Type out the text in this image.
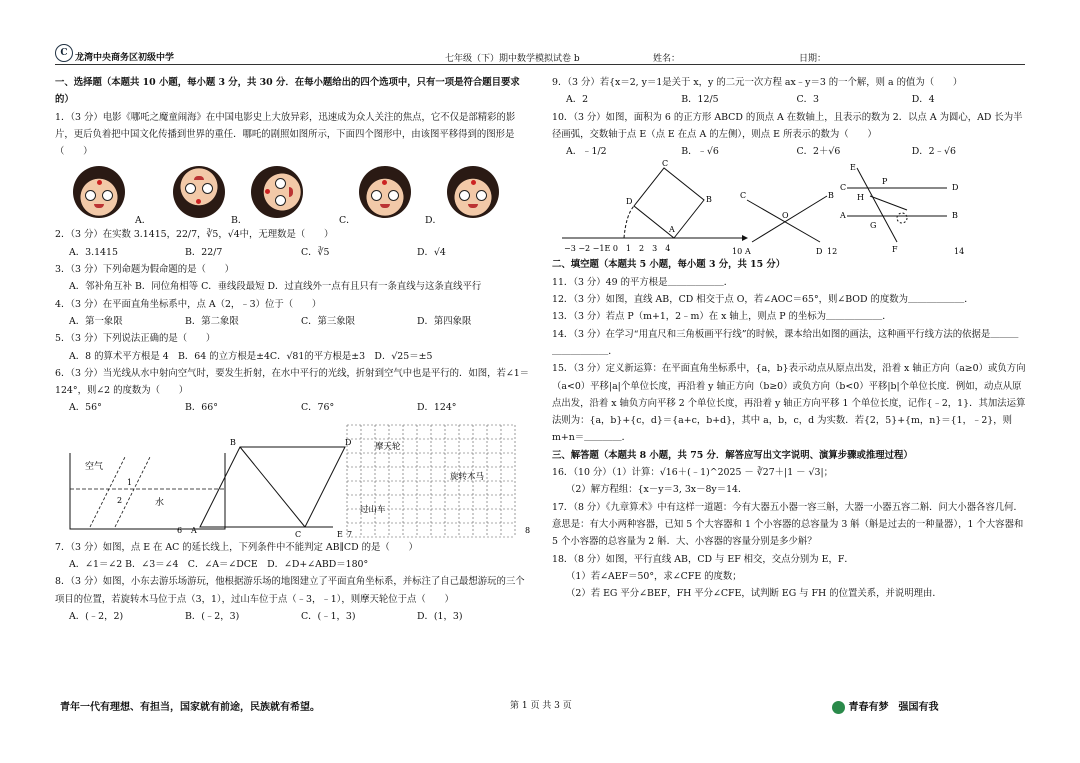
C 龙湾中央商务区初级中学	七年级（下）期中数学模拟试卷 b	姓名：	日期：

一、选择题（本题共 10 小题，每小题 3 分，共 30 分．在每小题给出的四个选项中，只有一项是符合题目要求的）

1．（3 分）电影《哪吒之魔童闹海》在中国电影史上大放异彩，迅速成为众人关注的焦点，它不仅是部精彩的影片，更后负着把中国文化传播到世界的重任．哪吒的剧照如图所示，下面四个图形中，由该图平移得到的图形是（　　）

A．	B．	C．	D．

2．（3 分）在实数 3.1415，22/7，∛5，√4中，无理数是（　　）

A．3.1415	B．22/7	C．∛5	D．√4

3．（3 分）下列命题为假命题的是（　　）

A．邻补角互补 B．同位角相等 C．垂线段最短 D．过直线外一点有且只有一条直线与这条直线平行

4．（3 分）在平面直角坐标系中，点 A（2，﹣3）位于（　　）

A．第一象限	B．第二象限	C．第三象限	D．第四象限

5．（3 分）下列说法正确的是（　　）

A．8 的算术平方根是 4　B．64 的立方根是±4C．√81的平方根是±3　D．√25＝±5

6．（3 分）当光线从水中射向空气时，要发生折射，在水中平行的光线，折射到空气中也是平行的．如图，若∠1＝124°，则∠2 的度数为（　　）

A．56°	B．66°	C．76°	D．124°
空气
水
1
2
A
B
C
D
E
6	7
摩天轮
旋转木马
过山车
8

7．（3 分）如图，点 E 在 AC 的延长线上，下列条件中不能判定 AB∥CD 的是（　　）

A．∠1＝∠2 B．∠3＝∠4　C．∠A＝∠DCE　D．∠D+∠ABD＝180°

8．（3 分）如图，小东去游乐场游玩，他根据游乐场的地图建立了平面直角坐标系，并标注了自己最想游玩的三个项目的位置，若旋转木马位于点（3，1），过山车位于点（﹣3，﹣1），则摩天轮位于点（　　）

A．(﹣2，2)	B．(﹣2，3)	C．(﹣1，3)	D．(1，3)

9．（3 分）若{x＝2, y＝1是关于 x，y 的二元一次方程 ax﹣y＝3 的一个解，则 a 的值为（　　）

A．2	B．12/5	C．3	D．4

10．（3 分）如图，面积为 6 的正方形 ABCD 的顶点 A 在数轴上，且表示的数为 2．以点 A 为圆心，AD 长为半径画弧，交数轴于点 E（点 E 在点 A 的左侧），则点 E 所表示的数为（　　）

A．﹣1/2	B．﹣√6	C．2＋√6	D．2﹣√6
−3 −2 −1E 0　1　2　3　4
A
B
C
D
10
C	B
A	D
O
12
E
C	D
A	B
F
H
P
G
14

二、填空题（本题共 5 小题，每小题 3 分，共 15 分）

11．（3 分）49 的平方根是＿＿＿＿＿＿．

12．（3 分）如图，直线 AB，CD 相交于点 O，若∠AOC＝65°，则∠BOD 的度数为＿＿＿＿＿＿．

13．（3 分）若点 P（m+1，2﹣m）在 x 轴上，则点 P 的坐标为＿＿＿＿＿＿．

14．（3 分）在学习“用直尺和三角板画平行线”的时候，课本给出如图的画法，这种画平行线方法的依据是＿＿＿＿＿＿＿＿＿．

15．（3 分）定义新运算：在平面直角坐标系中，{a，b}表示动点从原点出发，沿着 x 轴正方向（a≥0）或负方向（a<0）平移|a|个单位长度，再沿着 y 轴正方向（b≥0）或负方向（b<0）平移|b|个单位长度．例如，动点从原点出发，沿着 x 轴负方向平移 2 个单位长度，再沿着 y 轴正方向平移 1 个单位长度，记作{﹣2，1}．其加法运算法则为：{a，b}+{c，d}＝{a+c，b+d}，其中 a，b，c，d 为实数．若{2，5}+{m，n}＝{1，﹣2}，则 m+n＝＿＿＿＿．

三、解答题（本题共 8 小题，共 75 分．解答应写出文字说明、演算步骤或推理过程）

16．（10 分）（1）计算：√16＋(﹣1)^2025 － ∛27＋|1 － √3|；

（2）解方程组：{x－y＝3, 3x－8y＝14．

17．（8 分）《九章算术》中有这样一道题：今有大器五小器一容三斛，大器一小器五容二斛．问大小器各容几何．意思是：有大小两种容器，已知 5 个大容器和 1 个小容器的总容量为 3 斛（斛是过去的一种量器），1 个大容器和 5 个小容器的总容量为 2 斛．大、小容器的容量分别是多少斛？

18．（8 分）如图，平行直线 AB，CD 与 EF 相交，交点分别为 E，F．

（1）若∠AEF＝50°，求∠CFE 的度数；

（2）若 EG 平分∠BEF，FH 平分∠CFE，试判断 EG 与 FH 的位置关系，并说明理由．

青年一代有理想、有担当，国家就有前途，民族就有希望。	第 1 页 共 3 页	青春有梦　强国有我
